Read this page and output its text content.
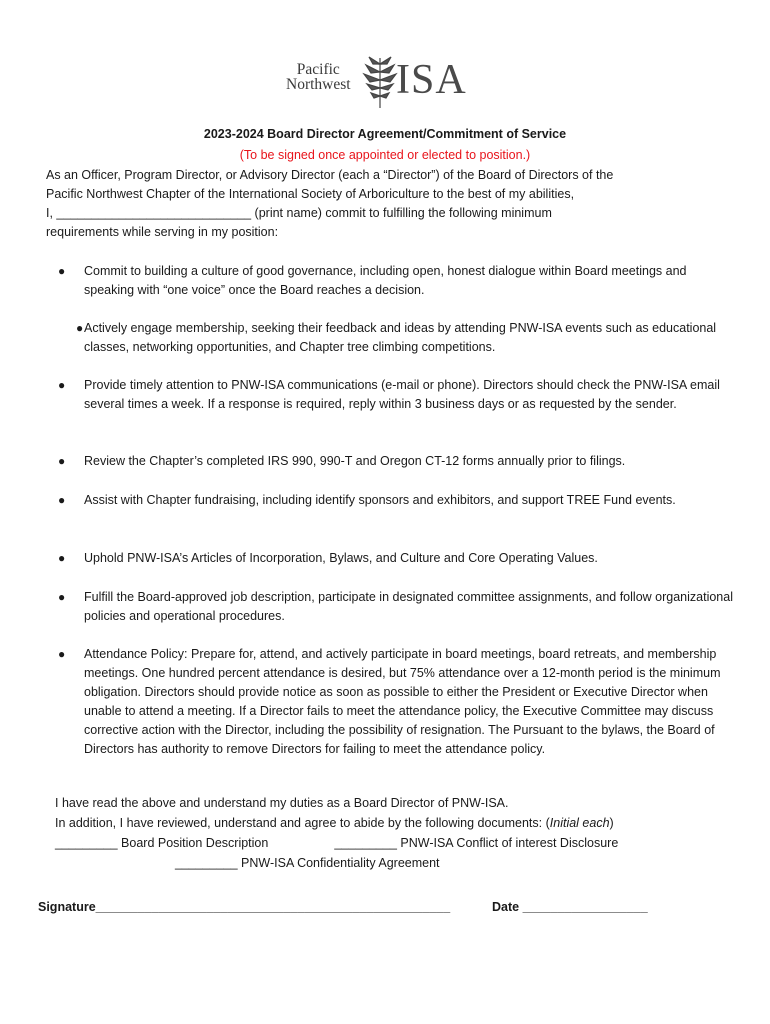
Pacific
Northwest ISA
2023-2024 Board Director Agreement/Commitment of Service
(To be signed once appointed or elected to position.)

As an Officer, Program Director, or Advisory Director (each a “Director”) of the Board of Directors of the

Pacific Northwest Chapter of the International Society of Arboriculture to the best of my abilities,

I, ____________________________ (print name) commit to fulfilling the following minimum

requirements while serving in my position:

● Commit to building a culture of good governance, including open, honest dialogue within Board meetings and speaking with “one voice” once the Board reaches a decision.
● Actively engage membership, seeking their feedback and ideas by attending PNW-ISA events such as educational classes, networking opportunities, and Chapter tree climbing competitions.
● Provide timely attention to PNW-ISA communications (e-mail or phone). Directors should check the PNW-ISA email several times a week. If a response is required, reply within 3 business days or as requested by the sender.
● Review the Chapter’s completed IRS 990, 990-T and Oregon CT-12 forms annually prior to filings.
● Assist with Chapter fundraising, including identify sponsors and exhibitors, and support TREE Fund events.
● Uphold PNW-ISA’s Articles of Incorporation, Bylaws, and Culture and Core Operating Values.
● Fulfill the Board-approved job description, participate in designated committee assignments, and follow organizational policies and operational procedures.
● Attendance Policy: Prepare for, attend, and actively participate in board meetings, board retreats, and membership meetings. One hundred percent attendance is desired, but 75% attendance over a 12-month period is the minimum obligation. Directors should provide notice as soon as possible to either the President or Executive Director when unable to attend a meeting. If a Director fails to meet the attendance policy, the Executive Committee may discuss corrective action with the Director, including the possibility of resignation. The Pursuant to the bylaws, the Board of Directors has authority to remove Directors for failing to meet the attendance policy.

I have read the above and understand my duties as a Board Director of PNW-ISA.

In addition, I have reviewed, understand and agree to abide by the following documents: (Initial each)

_________ Board Position Description	_________ PNW-ISA Conflict of interest Disclosure

_________ PNW-ISA Confidentiality Agreement

Signature___________________________________________________	Date __________________
